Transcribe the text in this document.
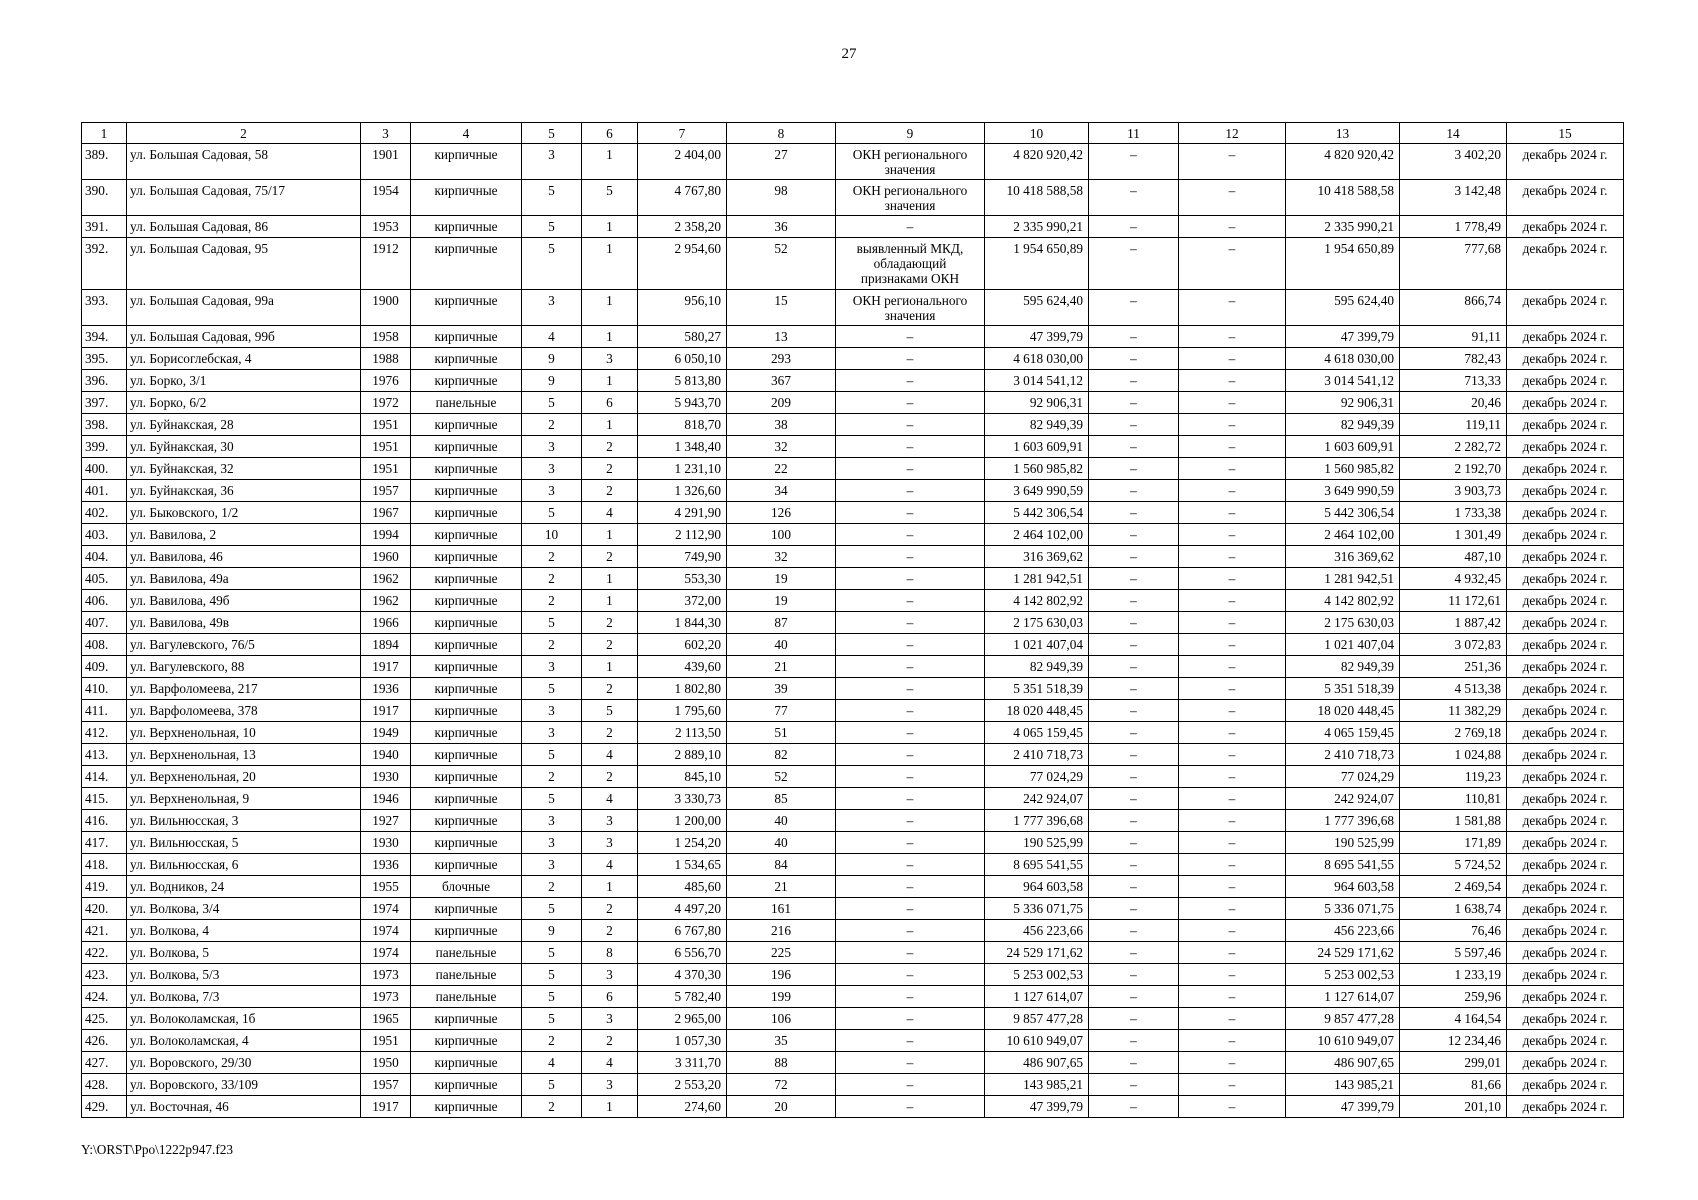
27
1	2	3	4	5	6	7	8	9	10	11	12	13	14	15
389.	ул. Большая Садовая, 58	1901	кирпичные	3	1	2 404,00	27	ОКН регионального значения	4 820 920,42	–	–	4 820 920,42	3 402,20	декабрь 2024 г.
390.	ул. Большая Садовая, 75/17	1954	кирпичные	5	5	4 767,80	98	ОКН регионального значения	10 418 588,58	–	–	10 418 588,58	3 142,48	декабрь 2024 г.
391.	ул. Большая Садовая, 86	1953	кирпичные	5	1	2 358,20	36	–	2 335 990,21	–	–	2 335 990,21	1 778,49	декабрь 2024 г.
392.	ул. Большая Садовая, 95	1912	кирпичные	5	1	2 954,60	52	выявленный МКД, обладающий признаками ОКН	1 954 650,89	–	–	1 954 650,89	777,68	декабрь 2024 г.
393.	ул. Большая Садовая, 99а	1900	кирпичные	3	1	956,10	15	ОКН регионального значения	595 624,40	–	–	595 624,40	866,74	декабрь 2024 г.
394.	ул. Большая Садовая, 99б	1958	кирпичные	4	1	580,27	13	–	47 399,79	–	–	47 399,79	91,11	декабрь 2024 г.
395.	ул. Борисоглебская, 4	1988	кирпичные	9	3	6 050,10	293	–	4 618 030,00	–	–	4 618 030,00	782,43	декабрь 2024 г.
396.	ул. Борко, 3/1	1976	кирпичные	9	1	5 813,80	367	–	3 014 541,12	–	–	3 014 541,12	713,33	декабрь 2024 г.
397.	ул. Борко, 6/2	1972	панельные	5	6	5 943,70	209	–	92 906,31	–	–	92 906,31	20,46	декабрь 2024 г.
398.	ул. Буйнакская, 28	1951	кирпичные	2	1	818,70	38	–	82 949,39	–	–	82 949,39	119,11	декабрь 2024 г.
399.	ул. Буйнакская, 30	1951	кирпичные	3	2	1 348,40	32	–	1 603 609,91	–	–	1 603 609,91	2 282,72	декабрь 2024 г.
400.	ул. Буйнакская, 32	1951	кирпичные	3	2	1 231,10	22	–	1 560 985,82	–	–	1 560 985,82	2 192,70	декабрь 2024 г.
401.	ул. Буйнакская, 36	1957	кирпичные	3	2	1 326,60	34	–	3 649 990,59	–	–	3 649 990,59	3 903,73	декабрь 2024 г.
402.	ул. Быковского, 1/2	1967	кирпичные	5	4	4 291,90	126	–	5 442 306,54	–	–	5 442 306,54	1 733,38	декабрь 2024 г.
403.	ул. Вавилова, 2	1994	кирпичные	10	1	2 112,90	100	–	2 464 102,00	–	–	2 464 102,00	1 301,49	декабрь 2024 г.
404.	ул. Вавилова, 46	1960	кирпичные	2	2	749,90	32	–	316 369,62	–	–	316 369,62	487,10	декабрь 2024 г.
405.	ул. Вавилова, 49а	1962	кирпичные	2	1	553,30	19	–	1 281 942,51	–	–	1 281 942,51	4 932,45	декабрь 2024 г.
406.	ул. Вавилова, 49б	1962	кирпичные	2	1	372,00	19	–	4 142 802,92	–	–	4 142 802,92	11 172,61	декабрь 2024 г.
407.	ул. Вавилова, 49в	1966	кирпичные	5	2	1 844,30	87	–	2 175 630,03	–	–	2 175 630,03	1 887,42	декабрь 2024 г.
408.	ул. Вагулевского, 76/5	1894	кирпичные	2	2	602,20	40	–	1 021 407,04	–	–	1 021 407,04	3 072,83	декабрь 2024 г.
409.	ул. Вагулевского, 88	1917	кирпичные	3	1	439,60	21	–	82 949,39	–	–	82 949,39	251,36	декабрь 2024 г.
410.	ул. Варфоломеева, 217	1936	кирпичные	5	2	1 802,80	39	–	5 351 518,39	–	–	5 351 518,39	4 513,38	декабрь 2024 г.
411.	ул. Варфоломеева, 378	1917	кирпичные	3	5	1 795,60	77	–	18 020 448,45	–	–	18 020 448,45	11 382,29	декабрь 2024 г.
412.	ул. Верхненольная, 10	1949	кирпичные	3	2	2 113,50	51	–	4 065 159,45	–	–	4 065 159,45	2 769,18	декабрь 2024 г.
413.	ул. Верхненольная, 13	1940	кирпичные	5	4	2 889,10	82	–	2 410 718,73	–	–	2 410 718,73	1 024,88	декабрь 2024 г.
414.	ул. Верхненольная, 20	1930	кирпичные	2	2	845,10	52	–	77 024,29	–	–	77 024,29	119,23	декабрь 2024 г.
415.	ул. Верхненольная, 9	1946	кирпичные	5	4	3 330,73	85	–	242 924,07	–	–	242 924,07	110,81	декабрь 2024 г.
416.	ул. Вильнюсская, 3	1927	кирпичные	3	3	1 200,00	40	–	1 777 396,68	–	–	1 777 396,68	1 581,88	декабрь 2024 г.
417.	ул. Вильнюсская, 5	1930	кирпичные	3	3	1 254,20	40	–	190 525,99	–	–	190 525,99	171,89	декабрь 2024 г.
418.	ул. Вильнюсская, 6	1936	кирпичные	3	4	1 534,65	84	–	8 695 541,55	–	–	8 695 541,55	5 724,52	декабрь 2024 г.
419.	ул. Водников, 24	1955	блочные	2	1	485,60	21	–	964 603,58	–	–	964 603,58	2 469,54	декабрь 2024 г.
420.	ул. Волкова, 3/4	1974	кирпичные	5	2	4 497,20	161	–	5 336 071,75	–	–	5 336 071,75	1 638,74	декабрь 2024 г.
421.	ул. Волкова, 4	1974	кирпичные	9	2	6 767,80	216	–	456 223,66	–	–	456 223,66	76,46	декабрь 2024 г.
422.	ул. Волкова, 5	1974	панельные	5	8	6 556,70	225	–	24 529 171,62	–	–	24 529 171,62	5 597,46	декабрь 2024 г.
423.	ул. Волкова, 5/3	1973	панельные	5	3	4 370,30	196	–	5 253 002,53	–	–	5 253 002,53	1 233,19	декабрь 2024 г.
424.	ул. Волкова, 7/3	1973	панельные	5	6	5 782,40	199	–	1 127 614,07	–	–	1 127 614,07	259,96	декабрь 2024 г.
425.	ул. Волоколамская, 1б	1965	кирпичные	5	3	2 965,00	106	–	9 857 477,28	–	–	9 857 477,28	4 164,54	декабрь 2024 г.
426.	ул. Волоколамская, 4	1951	кирпичные	2	2	1 057,30	35	–	10 610 949,07	–	–	10 610 949,07	12 234,46	декабрь 2024 г.
427.	ул. Воровского, 29/30	1950	кирпичные	4	4	3 311,70	88	–	486 907,65	–	–	486 907,65	299,01	декабрь 2024 г.
428.	ул. Воровского, 33/109	1957	кирпичные	5	3	2 553,20	72	–	143 985,21	–	–	143 985,21	81,66	декабрь 2024 г.
429.	ул. Восточная, 46	1917	кирпичные	2	1	274,60	20	–	47 399,79	–	–	47 399,79	201,10	декабрь 2024 г.
Y:\ORST\Ppo\1222p947.f23
